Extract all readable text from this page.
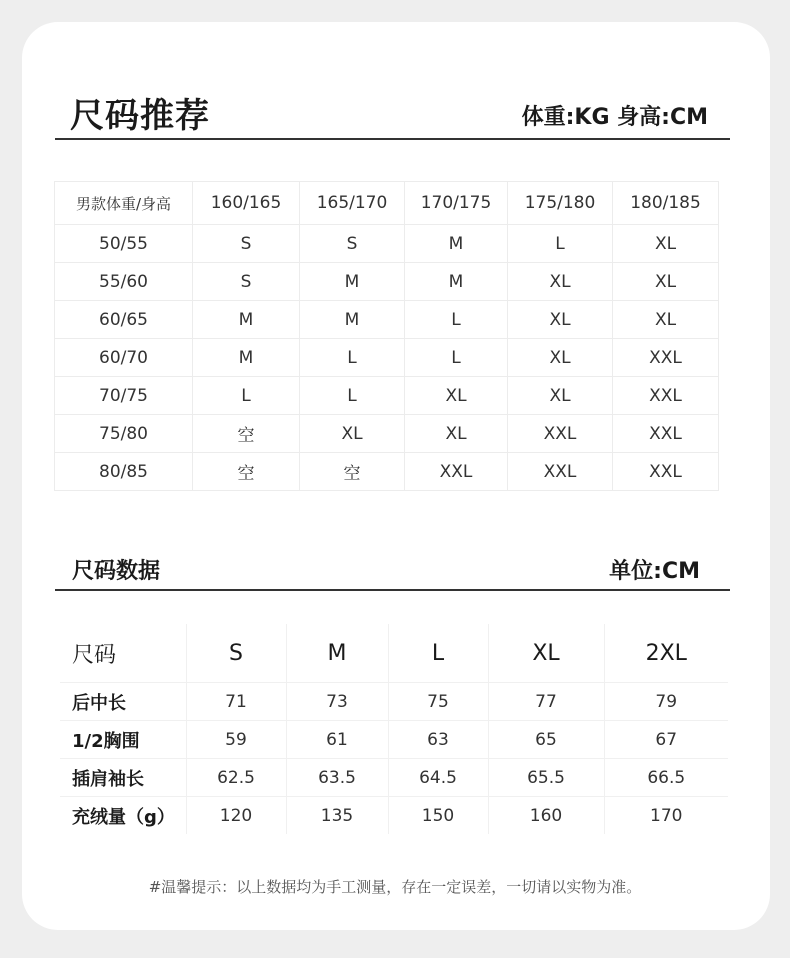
尺码推荐	体重:KG 身高:CM
男款体重/身高	160/165	165/170	170/175	175/180	180/185
50/55	S	S	M	L	XL
55/60	S	M	M	XL	XL
60/65	M	M	L	XL	XL
60/70	M	L	L	XL	XXL
70/75	L	L	XL	XL	XXL
75/80	空	XL	XL	XXL	XXL
80/85	空	空	XXL	XXL	XXL
尺码数据	单位:CM
尺码	S	M	L	XL	2XL
后中长	71	73	75	77	79
1/2胸围	59	61	63	65	67
插肩袖长	62.5	63.5	64.5	65.5	66.5
充绒量（g）	120	135	150	160	170
#温馨提示：以上数据均为手工测量，存在一定误差，一切请以实物为准。
